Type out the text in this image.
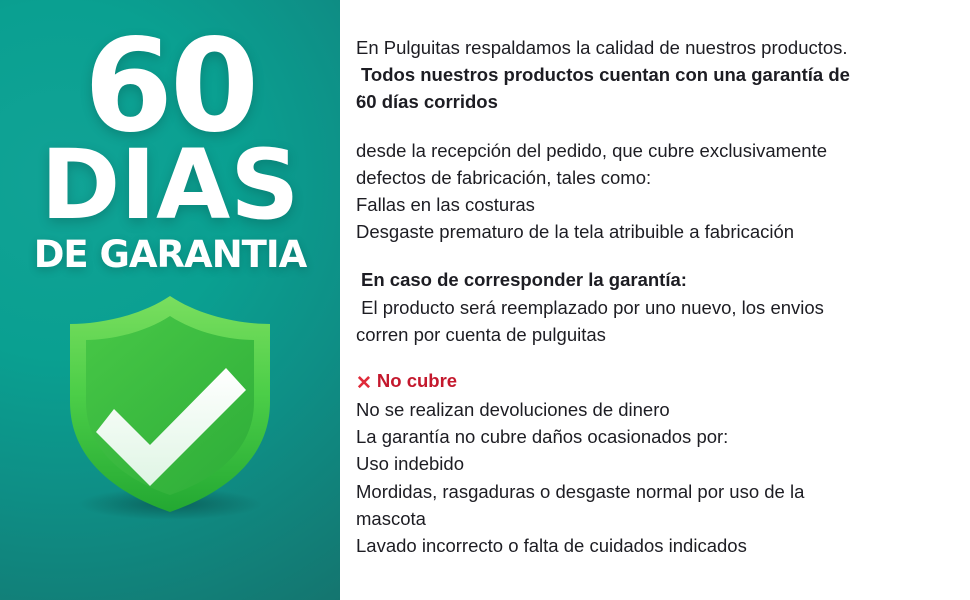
60
DIAS
DE GARANTIA
En Pulguitas respaldamos la calidad de nuestros productos.
Todos nuestros productos cuentan con una garantía de
60 días corridos
desde la recepción del pedido, que cubre exclusivamente
defectos de fabricación, tales como:
Fallas en las costuras
Desgaste prematuro de la tela atribuible a fabricación
En caso de corresponder la garantía:
El producto será reemplazado por uno nuevo, los envios
corren por cuenta de pulguitas
✕ No cubre
No se realizan devoluciones de dinero
La garantía no cubre daños ocasionados por:
Uso indebido
Mordidas, rasgaduras o desgaste normal por uso de la
mascota
Lavado incorrecto o falta de cuidados indicados
